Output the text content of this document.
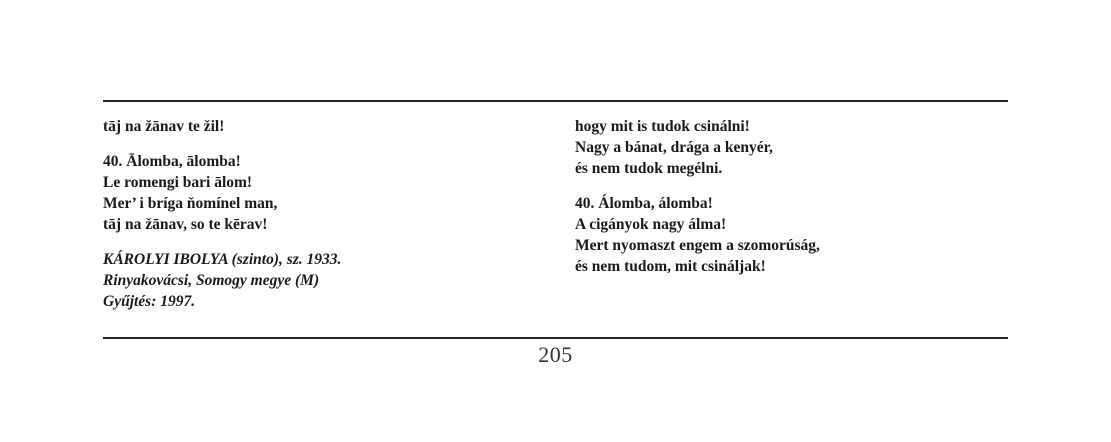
tāj na žānav te žil!
40. Ālomba, ālomba!
Le romengi bari ālom!
Mer’ i bríga ňomínel man,
tāj na žānav, so te kērav!
KÁROLYI IBOLYA (szinto), sz. 1933.
Rinyakovácsi, Somogy megye (M)
Gyűjtés: 1997.
hogy mit is tudok csinálni!
Nagy a bánat, drága a kenyér,
és nem tudok megélni.
40. Álomba, álomba!
A cigányok nagy álma!
Mert nyomaszt engem a szomorúság,
és nem tudom, mit csináljak!
205
